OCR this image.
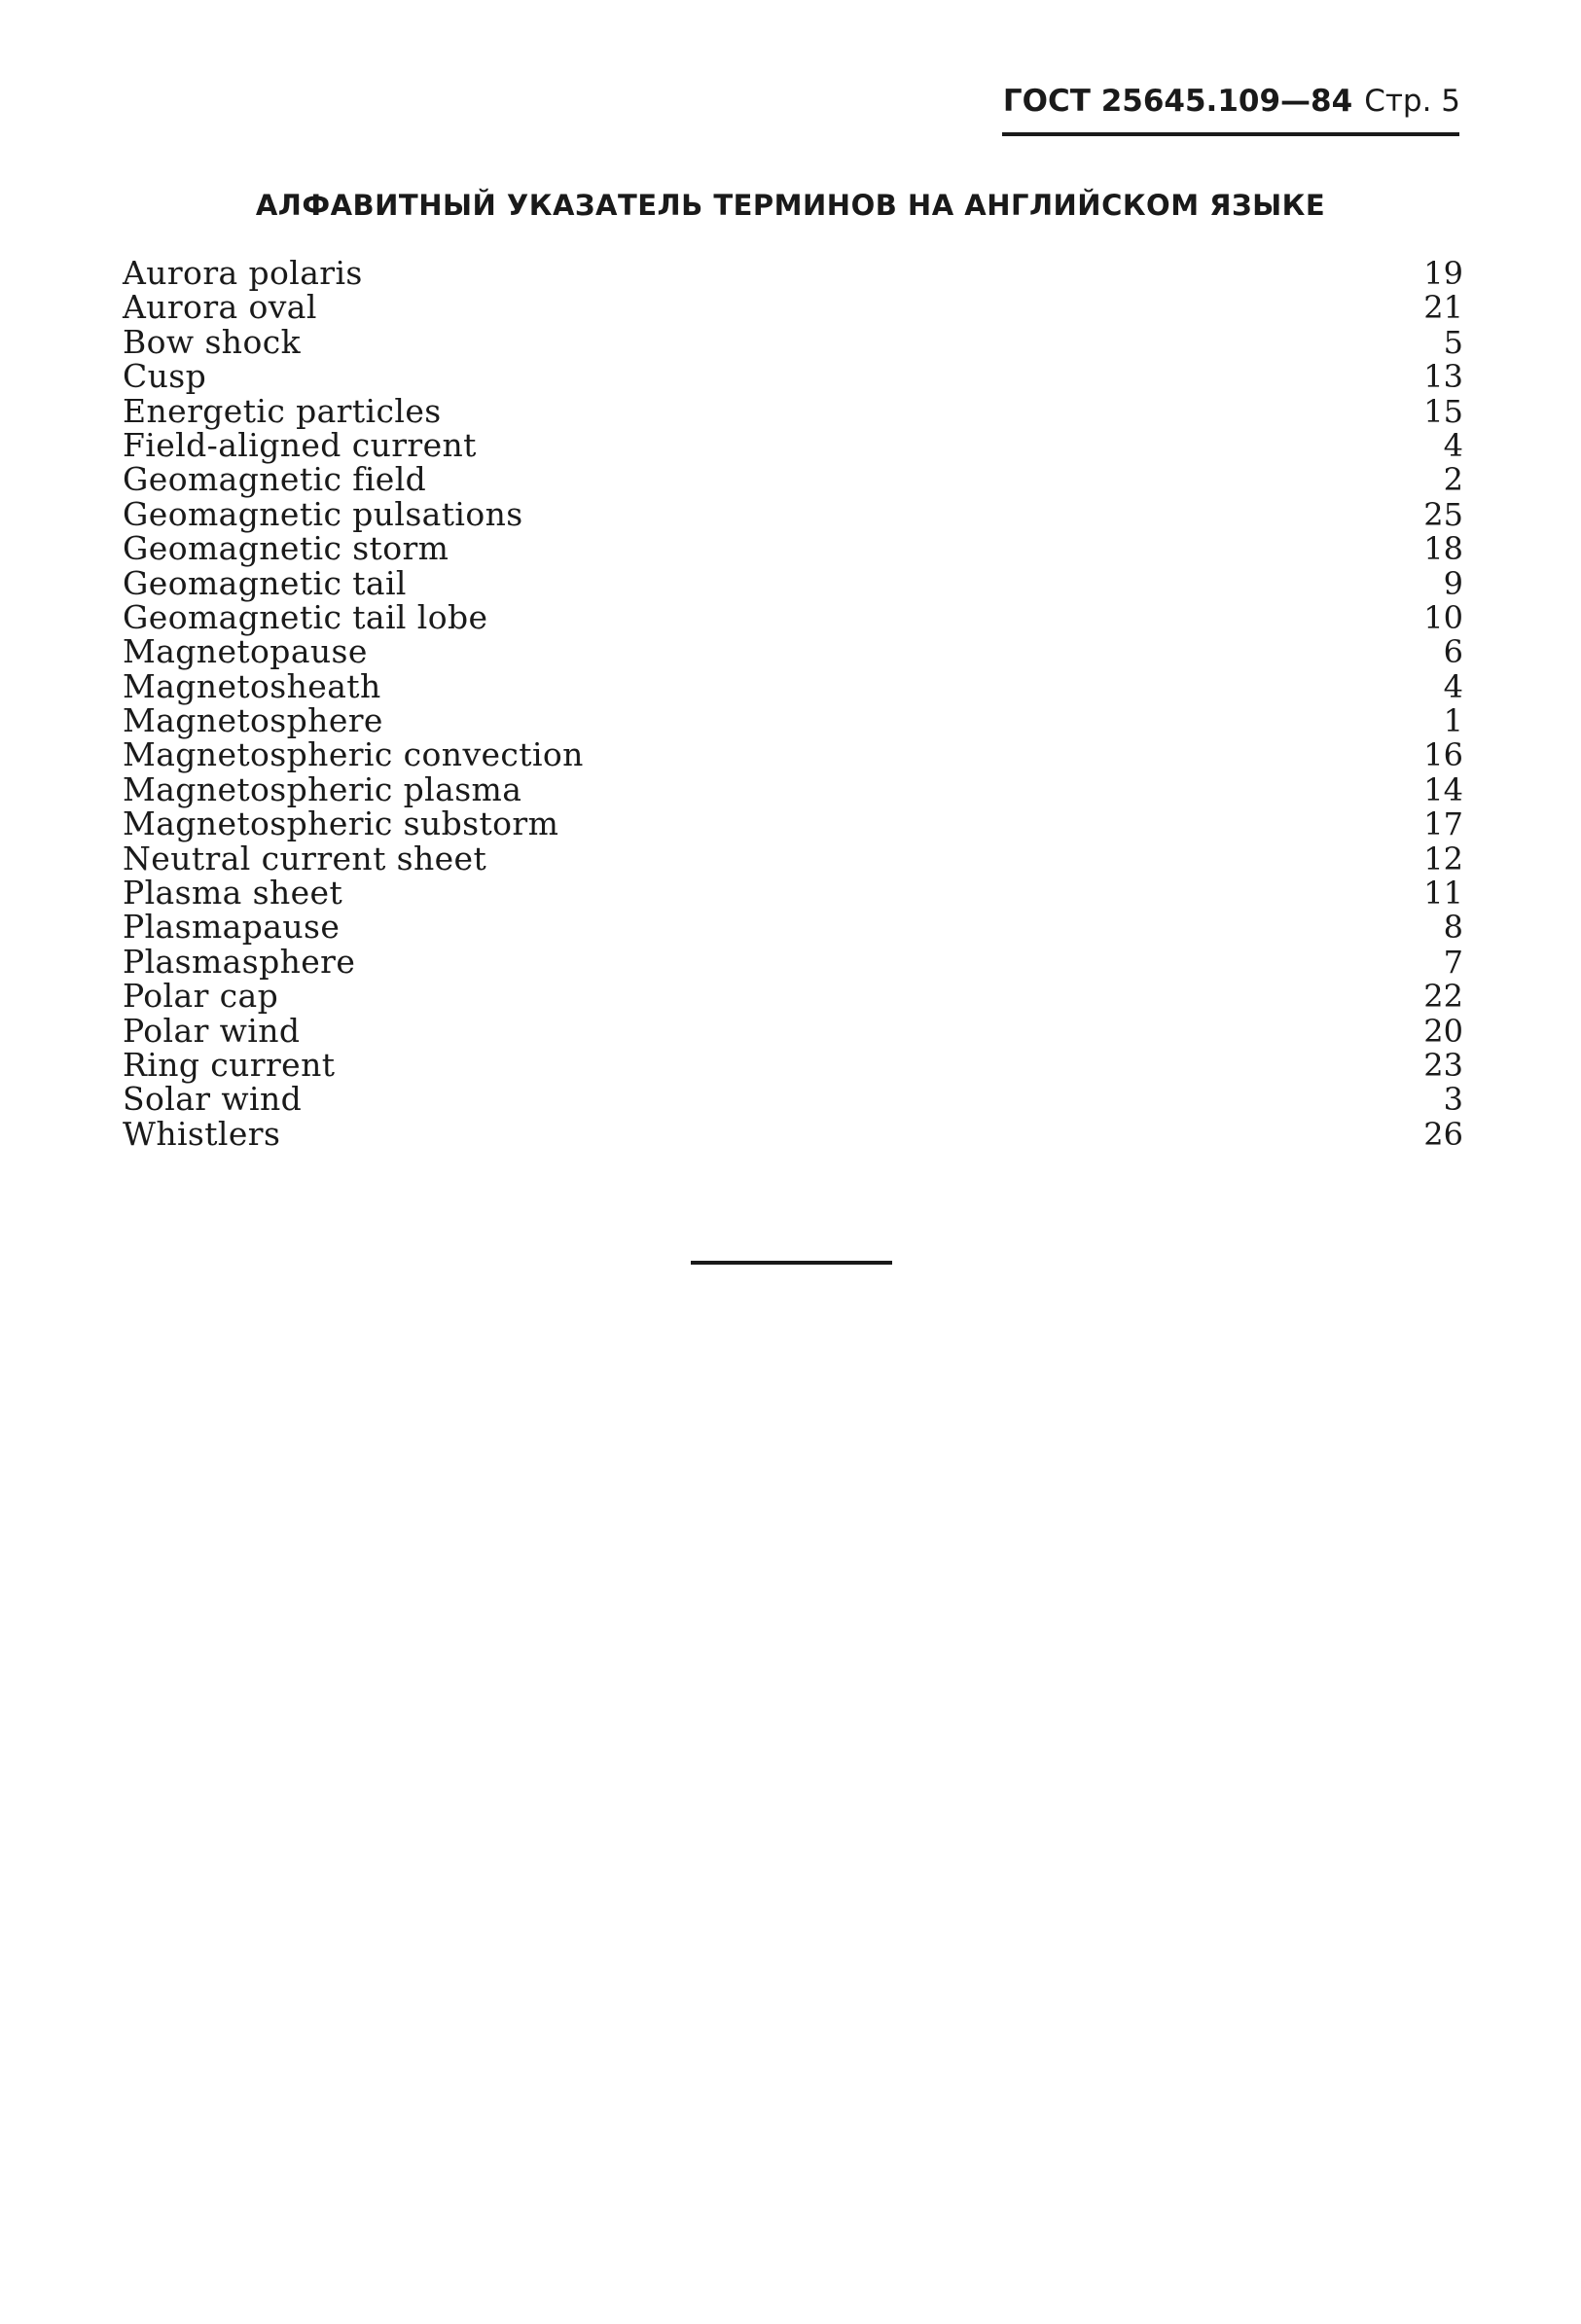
ГОСТ 25645.109—84 Стр. 5
АЛФАВИТНЫЙ УКАЗАТЕЛЬ ТЕРМИНОВ НА АНГЛИЙСКОМ ЯЗЫКЕ
Aurora polaris	19
Aurora oval	21
Bow shock	5
Cusp	13
Energetic particles	15
Field-aligned current	4
Geomagnetic field	2
Geomagnetic pulsations	25
Geomagnetic storm	18
Geomagnetic tail	9
Geomagnetic tail lobe	10
Magnetopause	6
Magnetosheath	4
Magnetosphere	1
Magnetospheric convection	16
Magnetospheric plasma	14
Magnetospheric substorm	17
Neutral current sheet	12
Plasma sheet	11
Plasmapause	8
Plasmasphere	7
Polar cap	22
Polar wind	20
Ring current	23
Solar wind	3
Whistlers	26
